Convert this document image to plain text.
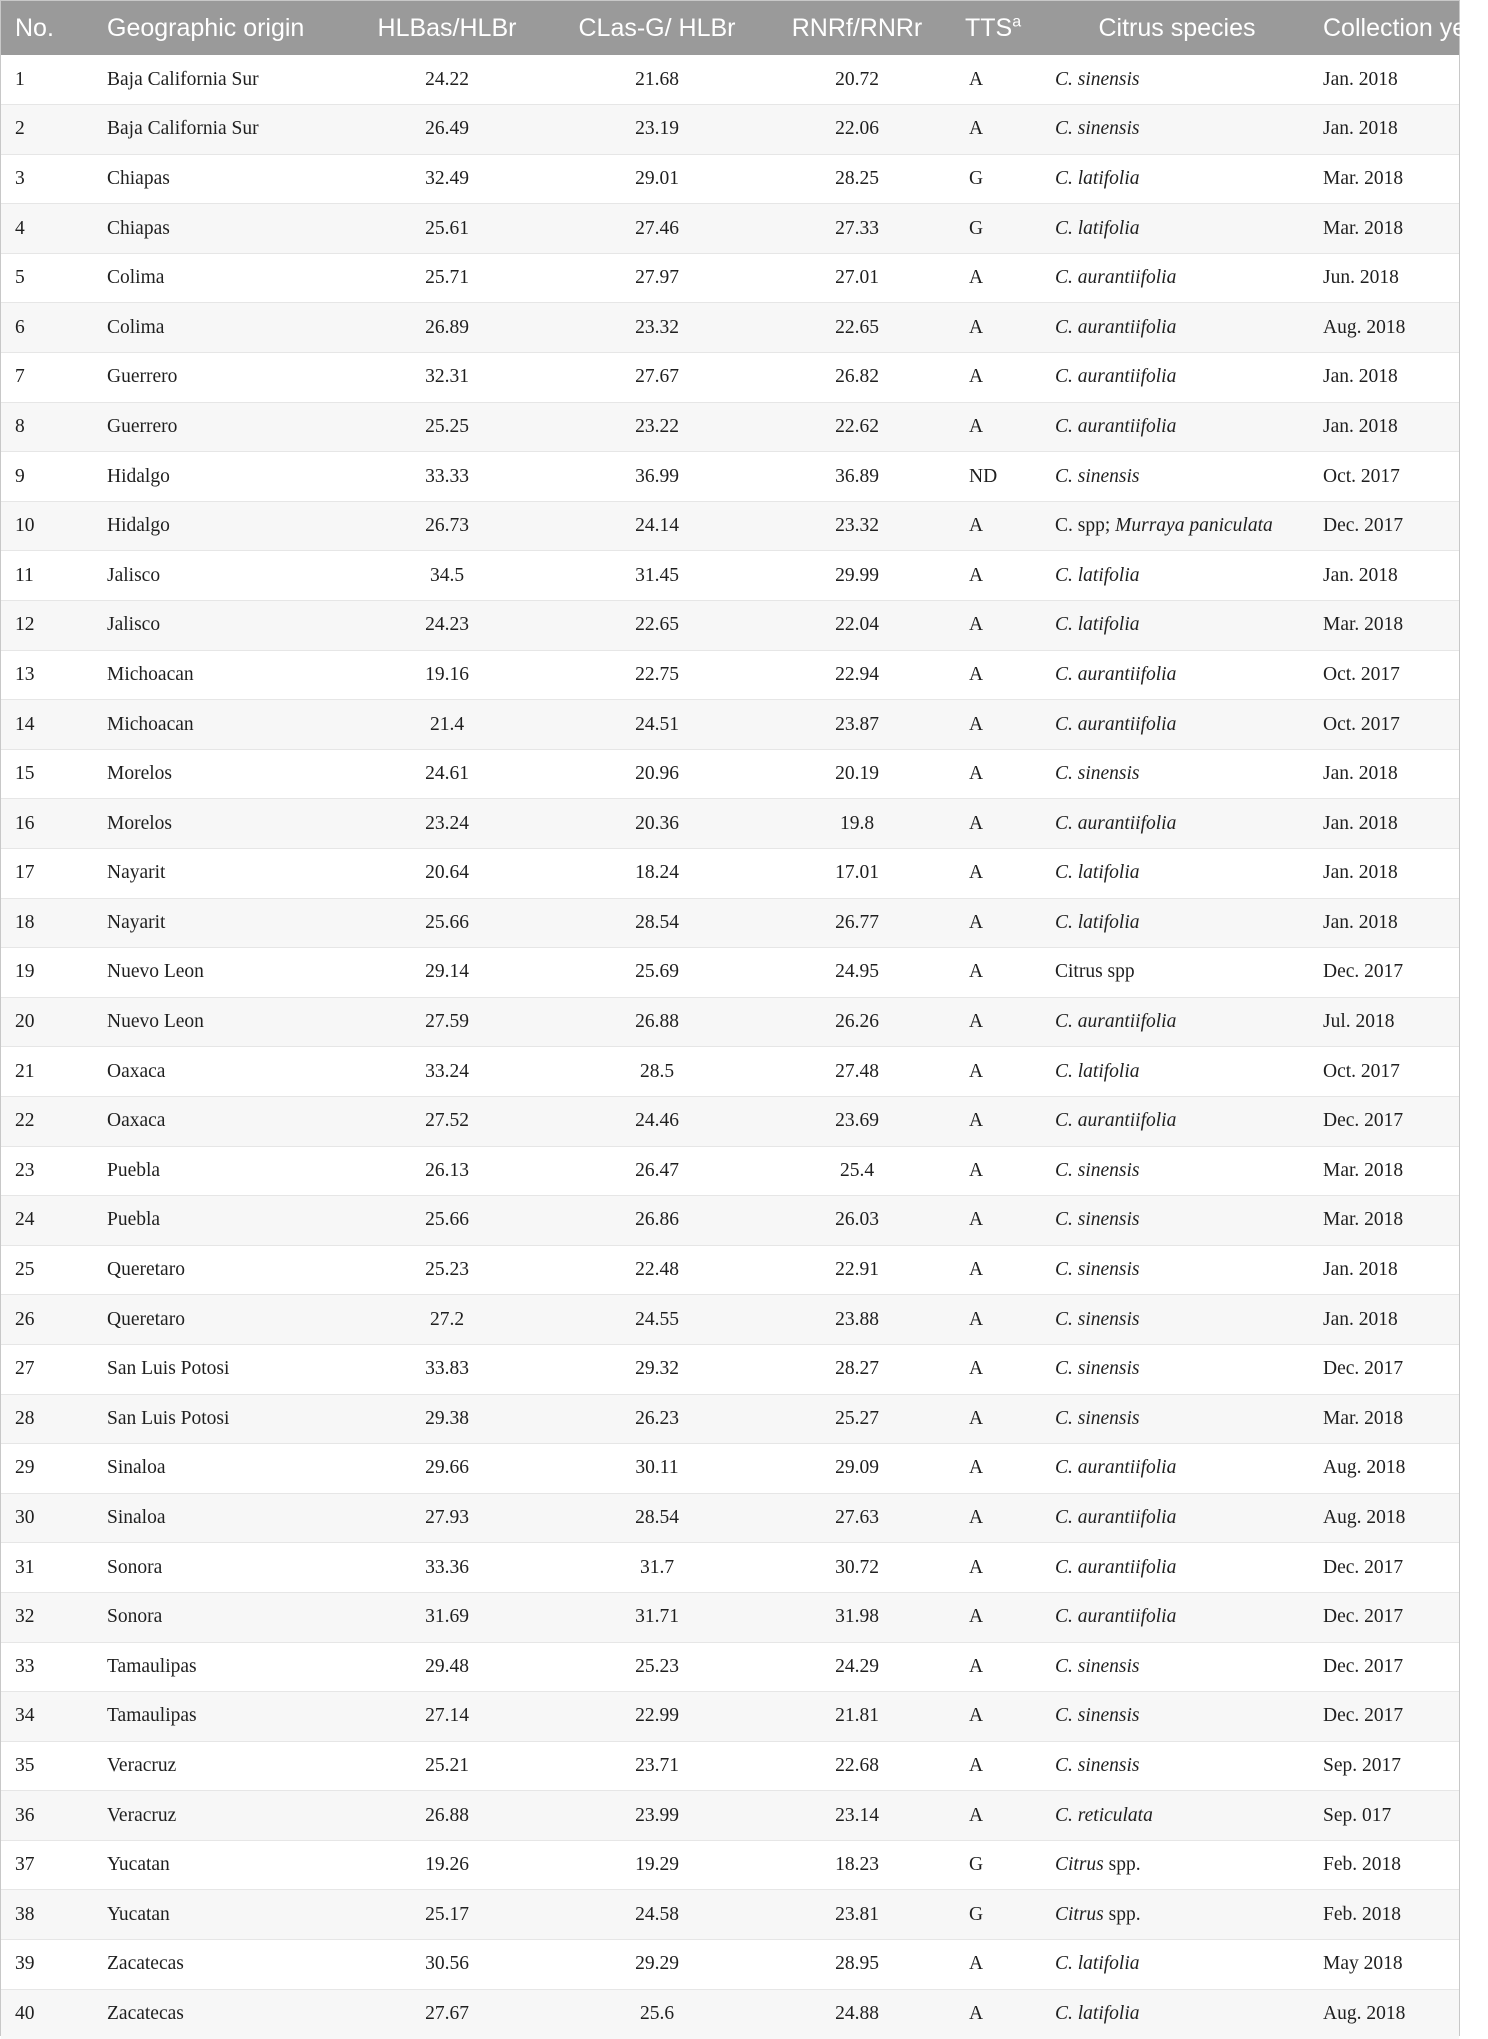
No.	Geographic origin	HLBas/HLBr	CLas-G/ HLBr	RNRf/RNRr	TTS$^a$	Citrus species	Collection year
1	Baja California Sur	24.22	21.68	20.72	A	C. sinensis	Jan. 2018
2	Baja California Sur	26.49	23.19	22.06	A	C. sinensis	Jan. 2018
3	Chiapas	32.49	29.01	28.25	G	C. latifolia	Mar. 2018
4	Chiapas	25.61	27.46	27.33	G	C. latifolia	Mar. 2018
5	Colima	25.71	27.97	27.01	A	C. aurantiifolia	Jun. 2018
6	Colima	26.89	23.32	22.65	A	C. aurantiifolia	Aug. 2018
7	Guerrero	32.31	27.67	26.82	A	C. aurantiifolia	Jan. 2018
8	Guerrero	25.25	23.22	22.62	A	C. aurantiifolia	Jan. 2018
9	Hidalgo	33.33	36.99	36.89	ND	C. sinensis	Oct. 2017
10	Hidalgo	26.73	24.14	23.32	A	C. spp; Murraya paniculata	Dec. 2017
11	Jalisco	34.5	31.45	29.99	A	C. latifolia	Jan. 2018
12	Jalisco	24.23	22.65	22.04	A	C. latifolia	Mar. 2018
13	Michoacan	19.16	22.75	22.94	A	C. aurantiifolia	Oct. 2017
14	Michoacan	21.4	24.51	23.87	A	C. aurantiifolia	Oct. 2017
15	Morelos	24.61	20.96	20.19	A	C. sinensis	Jan. 2018
16	Morelos	23.24	20.36	19.8	A	C. aurantiifolia	Jan. 2018
17	Nayarit	20.64	18.24	17.01	A	C. latifolia	Jan. 2018
18	Nayarit	25.66	28.54	26.77	A	C. latifolia	Jan. 2018
19	Nuevo Leon	29.14	25.69	24.95	A	Citrus spp	Dec. 2017
20	Nuevo Leon	27.59	26.88	26.26	A	C. aurantiifolia	Jul. 2018
21	Oaxaca	33.24	28.5	27.48	A	C. latifolia	Oct. 2017
22	Oaxaca	27.52	24.46	23.69	A	C. aurantiifolia	Dec. 2017
23	Puebla	26.13	26.47	25.4	A	C. sinensis	Mar. 2018
24	Puebla	25.66	26.86	26.03	A	C. sinensis	Mar. 2018
25	Queretaro	25.23	22.48	22.91	A	C. sinensis	Jan. 2018
26	Queretaro	27.2	24.55	23.88	A	C. sinensis	Jan. 2018
27	San Luis Potosi	33.83	29.32	28.27	A	C. sinensis	Dec. 2017
28	San Luis Potosi	29.38	26.23	25.27	A	C. sinensis	Mar. 2018
29	Sinaloa	29.66	30.11	29.09	A	C. aurantiifolia	Aug. 2018
30	Sinaloa	27.93	28.54	27.63	A	C. aurantiifolia	Aug. 2018
31	Sonora	33.36	31.7	30.72	A	C. aurantiifolia	Dec. 2017
32	Sonora	31.69	31.71	31.98	A	C. aurantiifolia	Dec. 2017
33	Tamaulipas	29.48	25.23	24.29	A	C. sinensis	Dec. 2017
34	Tamaulipas	27.14	22.99	21.81	A	C. sinensis	Dec. 2017
35	Veracruz	25.21	23.71	22.68	A	C. sinensis	Sep. 2017
36	Veracruz	26.88	23.99	23.14	A	C. reticulata	Sep. 017
37	Yucatan	19.26	19.29	18.23	G	Citrus spp.	Feb. 2018
38	Yucatan	25.17	24.58	23.81	G	Citrus spp.	Feb. 2018
39	Zacatecas	30.56	29.29	28.95	A	C. latifolia	May 2018
40	Zacatecas	27.67	25.6	24.88	A	C. latifolia	Aug. 2018
